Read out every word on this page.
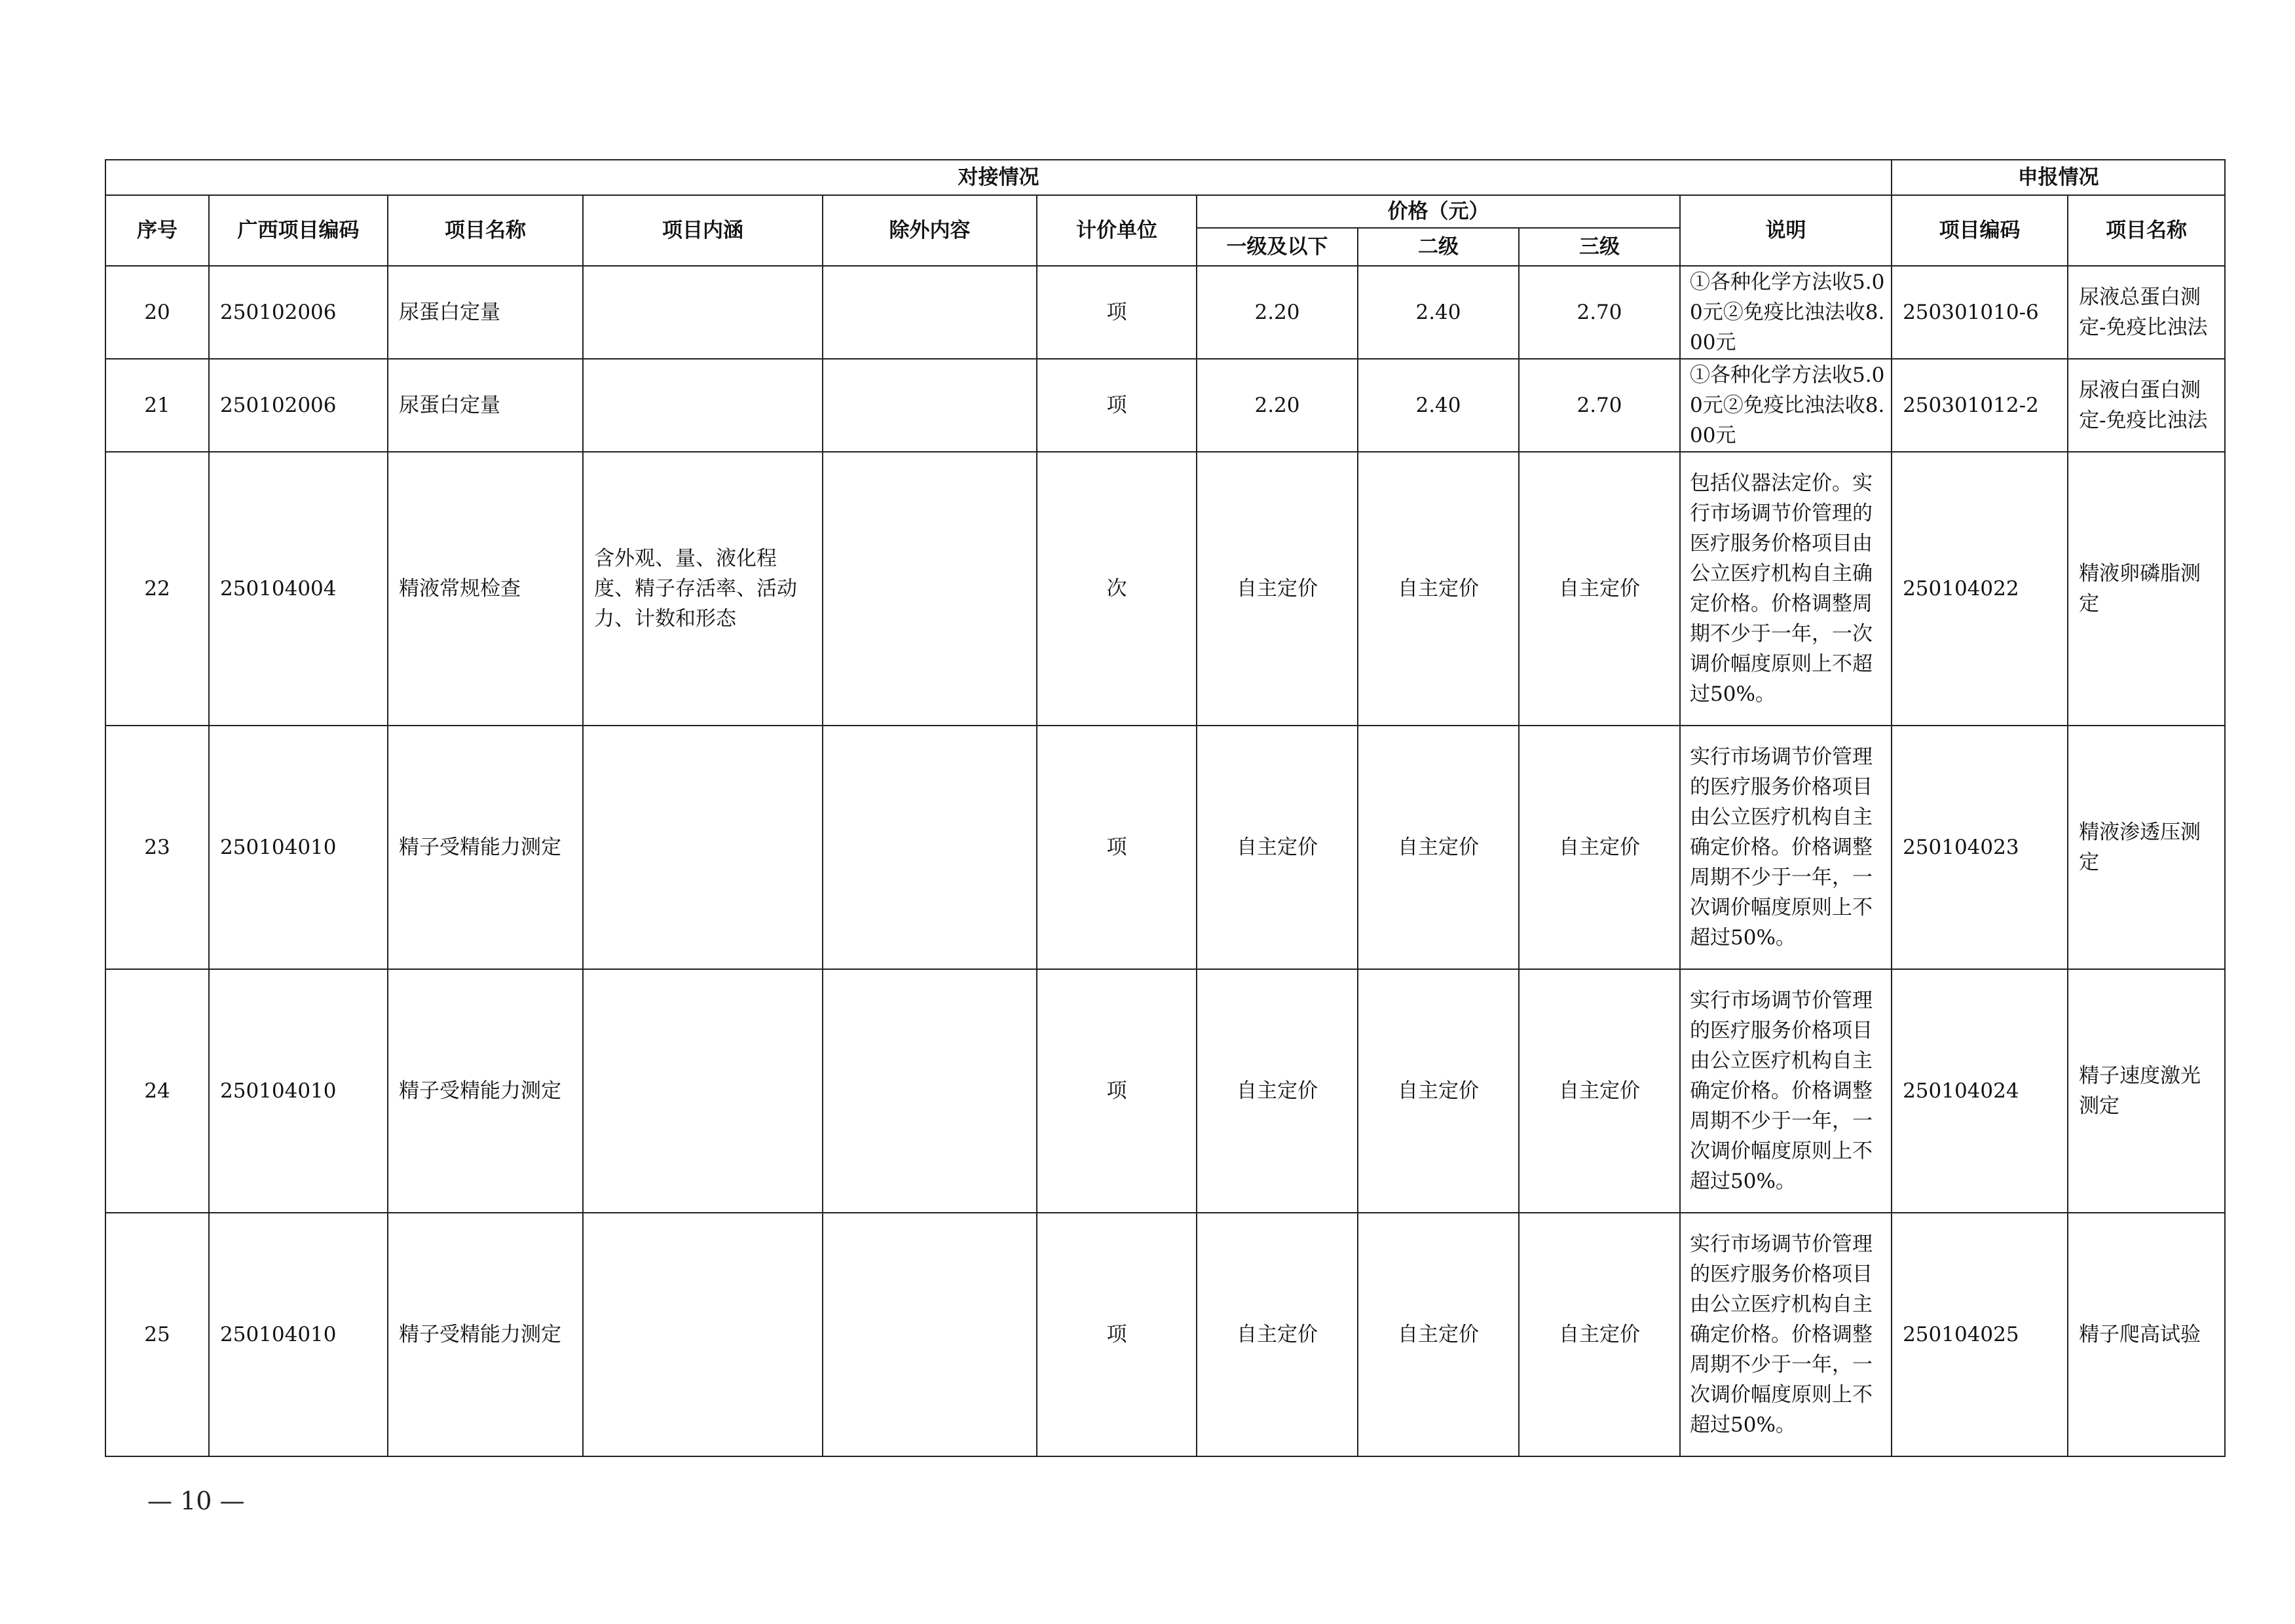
对接情况										申报情况	
序号	广西项目编码	项目名称	项目内涵	除外内容	计价单位	价格（元）			说明	项目编码	项目名称
						一级及以下	二级	三级			
20	250102006	尿蛋白定量			项	2.20	2.40	2.70	①各种化学方法收5.00元②免疫比浊法收8.00元	250301010-6	尿液总蛋白测定-免疫比浊法
21	250102006	尿蛋白定量			项	2.20	2.40	2.70	①各种化学方法收5.00元②免疫比浊法收8.00元	250301012-2	尿液白蛋白测定-免疫比浊法
22	250104004	精液常规检查	含外观、量、液化程度、精子存活率、活动力、计数和形态		次	自主定价	自主定价	自主定价	包括仪器法定价。实行市场调节价管理的医疗服务价格项目由公立医疗机构自主确定价格。价格调整周期不少于一年，一次调价幅度原则上不超过50%。	250104022	精液卵磷脂测定
23	250104010	精子受精能力测定			项	自主定价	自主定价	自主定价	实行市场调节价管理的医疗服务价格项目由公立医疗机构自主确定价格。价格调整周期不少于一年，一次调价幅度原则上不超过50%。	250104023	精液渗透压测定
24	250104010	精子受精能力测定			项	自主定价	自主定价	自主定价	实行市场调节价管理的医疗服务价格项目由公立医疗机构自主确定价格。价格调整周期不少于一年，一次调价幅度原则上不超过50%。	250104024	精子速度激光测定
25	250104010	精子受精能力测定			项	自主定价	自主定价	自主定价	实行市场调节价管理的医疗服务价格项目由公立医疗机构自主确定价格。价格调整周期不少于一年，一次调价幅度原则上不超过50%。	250104025	精子爬高试验
— 10 —
